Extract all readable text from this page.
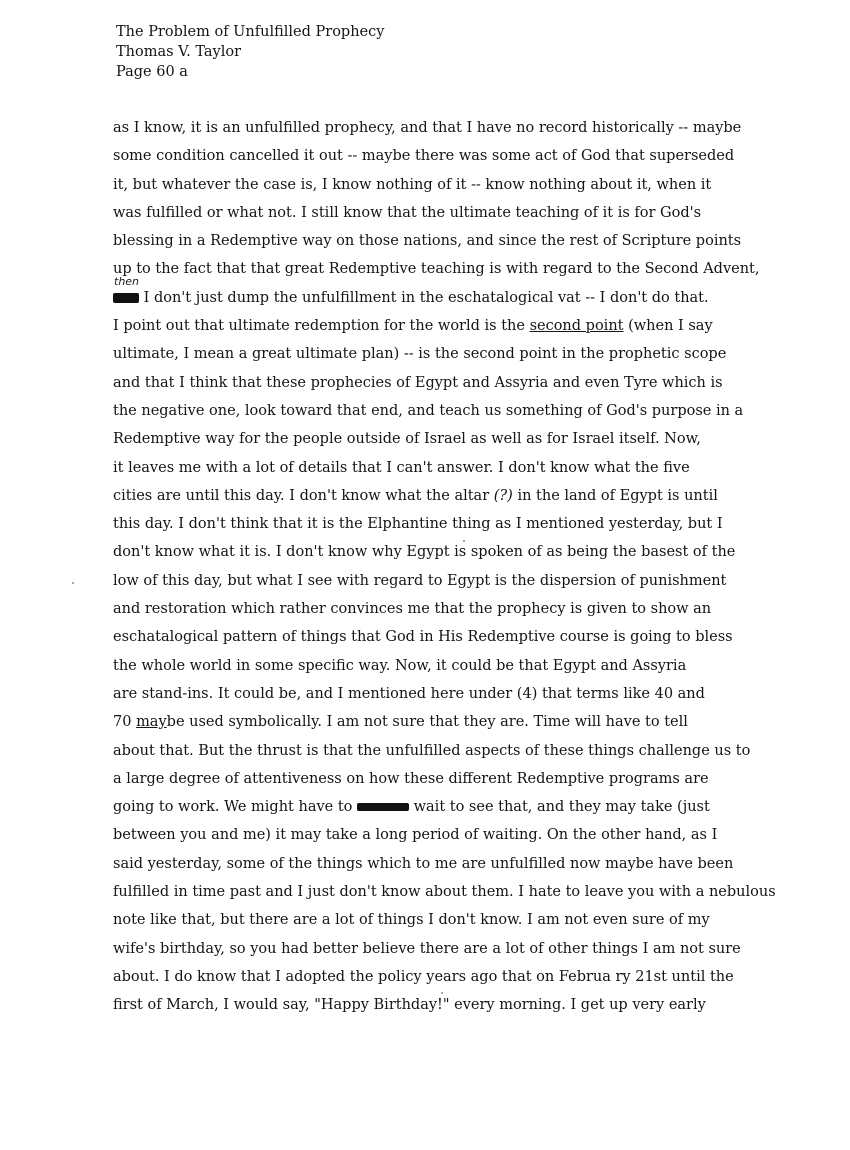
The Problem of Unfulfilled Prophecy
Thomas V. Taylor
Page 60 a
then
as I know, it is an unfulfilled prophecy, and that I have no record historically -- maybe
some condition cancelled it out -- maybe there was some act of God that superseded
it, but whatever the case is, I know nothing of it -- know nothing about it, when it
was fulfilled or what not. I still know that the ultimate teaching of it is for God's
blessing in a Redemptive way on those nations, and since the rest of Scripture points
up to the fact that that great Redemptive teaching is with regard to the Second Advent,
I don't just dump the unfulfillment in the eschatalogical vat -- I don't do that.
I point out that ultimate redemption for the world is the second point (when I say
ultimate, I mean a great ultimate plan) -- is the second point in the prophetic scope
and that I think that these prophecies of Egypt and Assyria and even Tyre which is
the negative one, look toward that end, and teach us something of God's purpose in a
Redemptive way for the people outside of Israel as well as for Israel itself. Now,
it leaves me with a lot of details that I can't answer. I don't know what the five
cities are until this day. I don't know what the altar (?) in the land of Egypt is until
this day. I don't think that it is the Elphantine thing as I mentioned yesterday, but I
don't know what it is. I don't know why Egypt is spoken of as being the basest of the
low of this day, but what I see with regard to Egypt is the dispersion of punishment
and restoration which rather convinces me that the prophecy is given to show an
eschatalogical pattern of things that God in His Redemptive course is going to bless
the whole world in some specific way. Now, it could be that Egypt and Assyria
are stand-ins. It could be, and I mentioned here under (4) that terms like 40 and
70 maybe used symbolically. I am not sure that they are. Time will have to tell
about that. But the thrust is that the unfulfilled aspects of these things challenge us to
a large degree of attentiveness on how these different Redemptive programs are
going to work. We might have to	wait to see that, and they may take (just
between you and me) it may take a long period of waiting. On the other hand, as I
said yesterday, some of the things which to me are unfulfilled now maybe have been
fulfilled in time past and I just don't know about them. I hate to leave you with a nebulous
note like that, but there are a lot of things I don't know. I am not even sure of my
wife's birthday, so you had better believe there are a lot of other things I am not sure
about. I do know that I adopted the policy years ago that on Februa ry 21st until the
first of March, I would say, "Happy Birthday!" every morning. I get up very early
